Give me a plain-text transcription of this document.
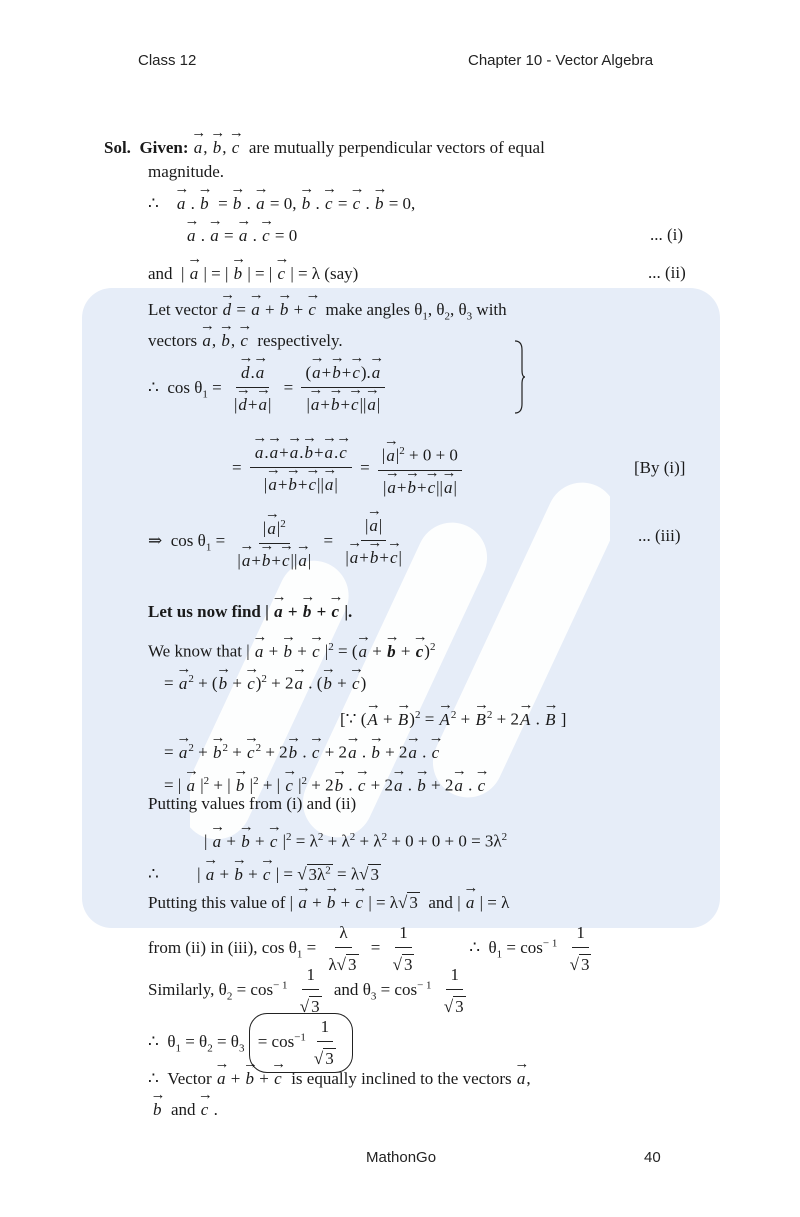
Class 12	Chapter 10 - Vector Algebra
Sol. Given: → a, → b, → c are mutually perpendicular vectors of equal
magnitude.
∴    → a . → b  = → b . → a = 0, → b . → c = → c . → b = 0,
→ a . → a = → a . → c = 0	... (i)
and  | → a | = | → b | = | → c | = λ (say)	... (ii)
Let vector → d = → a + → b + → c make angles $\theta_1$, $\theta_2$, $\theta_3$ with
vectors → a, → b, → c respectively.
∴  $\cos \theta_1$ = → $\frac{d.\to a}{|\to d+\to a|} = \frac{(\to a+\to b+\to c).\to a}{|\to a+\to b+\to c||\to a|}$
= → $\frac{a.\to a+\to a.\to b+\to a.\to c}{|\to a+\to b+\to c||\to a|} = \frac{|\to a|^2 + 0 + 0}{|\to a+\to b+\to c||\to a|}$	[By (i)]
⇒  $\cos \theta_1 = \frac{|\to a|^2}{|\to a+\to b+\to c||\to a|} = \frac{|\to a|}{|\to a+\to b+\to c|}$	... (iii)
Let us now find | → a + → b + → c |.
We know that | → a + → b + → c $|^2$ = (→ a + → b + → c)$^2$
= → $a^2$ + (→ b + → c)$^2$ + 2→ a . (→ b + → c)
[∵ (→ A + → B)$^2$ = → $A^2$ + → $B^2 + 2\to A$ . → B ]
= → $a^2$ + → $b^2$ + → $c^2 + 2\to b$ . → c + 2→ a . → b + 2→ a . → c
= | → a $|^2$ + | → b $|^2$ + | → c $|^2 + 2\to b$ . → c + 2→ a . → b + 2→ a . → c
Putting values from (i) and (ii)
| → a + → b + → c $|^2 = \lambda^2 + \lambda^2 + \lambda^2 + 0 + 0 + 0 = 3\lambda^2$
∴         | → a + → b + → c | = √ $3\lambda^2 = \lambda√$ 3
Putting this value of | → a + → b + → c | = λ√ 3 and | → a | = λ
from (ii) in (iii), $\cos \theta_1 = \frac{\lambda}{\lambda√ 3} = \frac{1}{√ 3}$ ∴  $\theta_1 = \cos^{- 1} \frac{1}{√ 3}$
Similarly, $\theta_2 = \cos^{- 1} \frac{1}{√ 3}$ and $\theta_3 = \cos^{- 1} \frac{1}{√ 3}$
∴  $\theta_1 = \theta_2 = \theta_3 = \cos^{-1} \frac{1}{√ 3}$
∴  Vector → a + → b + → c is equally inclined to the vectors → a,
→ b and → c .
MathonGo	40
